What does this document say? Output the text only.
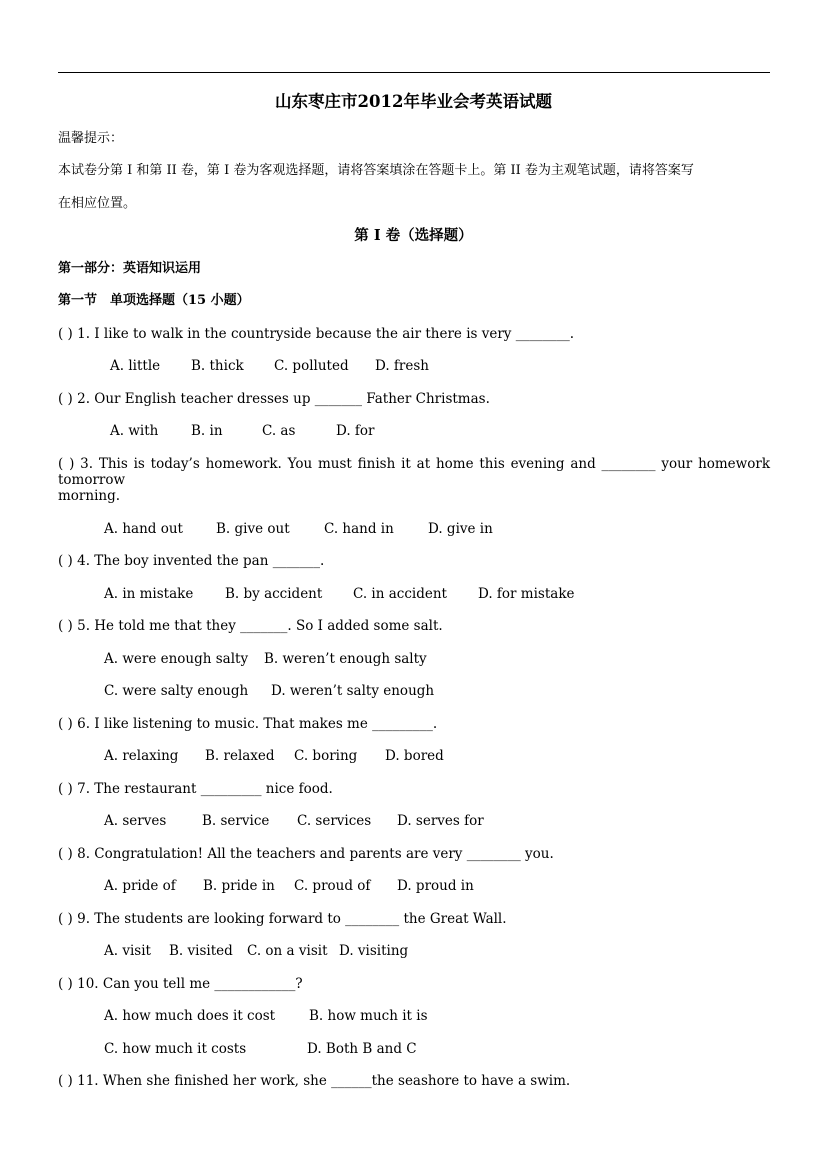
山东枣庄市2012年毕业会考英语试题
温馨提示：
本试卷分第 I 和第 II 卷，第 I 卷为客观选择题，请将答案填涂在答题卡上。第 II 卷为主观笔试题，请将答案写
在相应位置。
第 I 卷（选择题）
第一部分：英语知识运用
第一节　单项选择题（15 小题）
( ) 1. I like to walk in the countryside because the air there is very ________.
A. little B. thick C. polluted D. fresh
( ) 2. Our English teacher dresses up _______ Father Christmas.
A. with B. in	C. as	D. for
( ) 3. This is today’s homework. You must finish it at home this evening and ________ your homework tomorrow
morning.
A. hand out B. give out	C. hand in	D. give in
( ) 4. The boy invented the pan _______.
A. in mistake B. by accident C. in accident D. for mistake
( ) 5. He told me that they _______. So I added some salt.
A. were enough salty B. weren’t enough salty
C. were salty enough D. weren’t salty enough
( ) 6. I like listening to music. That makes me _________.
A. relaxing B. relaxed C. boring D. bored
( ) 7. The restaurant _________ nice food.
A. serves	B. service C. services D. serves for
( ) 8. Congratulation! All the teachers and parents are very ________ you.
A. pride of B. pride in C. proud of D. proud in
( ) 9. The students are looking forward to ________ the Great Wall.
A. visit B. visited C. on a visit D. visiting
( ) 10. Can you tell me ____________?
A. how much does it cost	B. how much it is
C. how much it costs	D. Both B and C
( ) 11. When she finished her work, she ______the seashore to have a swim.
